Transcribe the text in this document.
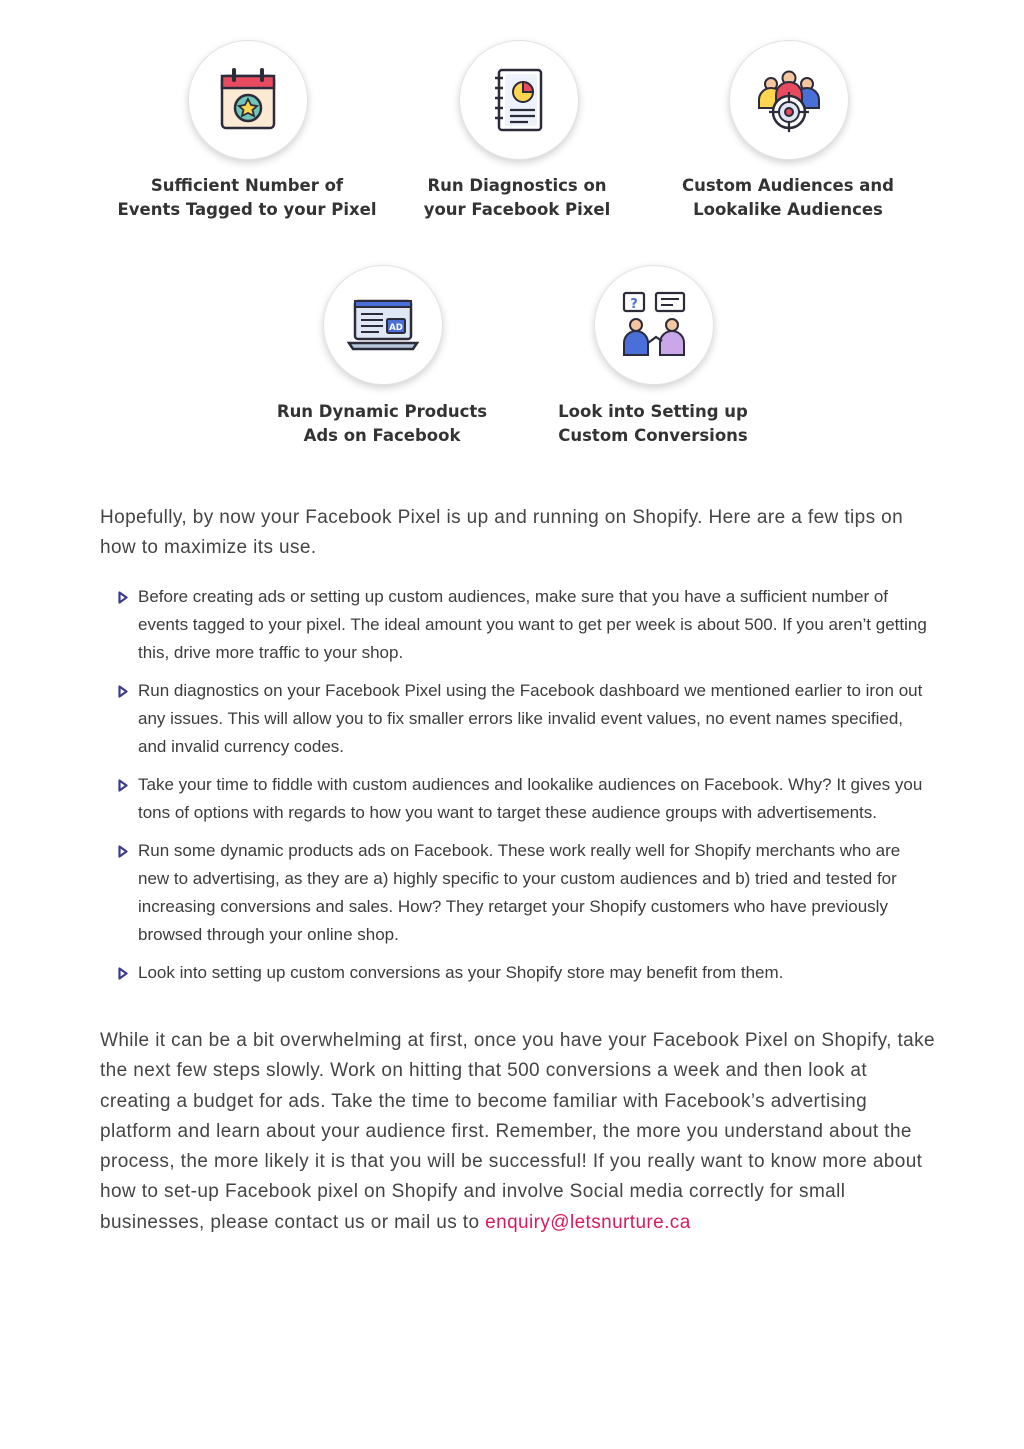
Sufficient Number of
Events Tagged to your Pixel
Run Diagnostics on
your Facebook Pixel
Custom Audiences and
Lookalike Audiences
AD
Run Dynamic Products
Ads on Facebook
?
Look into Setting up
Custom Conversions

Hopefully, by now your Facebook Pixel is up and running on Shopify. Here are a few tips on how to maximize its use.

Before creating ads or setting up custom audiences, make sure that you have a sufficient number of events tagged to your pixel. The ideal amount you want to get per week is about 500. If you aren’t getting this, drive more traffic to your shop.
Run diagnostics on your Facebook Pixel using the Facebook dashboard we mentioned earlier to iron out any issues. This will allow you to fix smaller errors like invalid event values, no event names specified, and invalid currency codes.
Take your time to fiddle with custom audiences and lookalike audiences on Facebook. Why? It gives you tons of options with regards to how you want to target these audience groups with advertisements.
Run some dynamic products ads on Facebook. These work really well for Shopify merchants who are new to advertising, as they are a) highly specific to your custom audiences and b) tried and tested for increasing conversions and sales. How? They retarget your Shopify customers who have previously browsed through your online shop.
Look into setting up custom conversions as your Shopify store may benefit from them.

While it can be a bit overwhelming at first, once you have your Facebook Pixel on Shopify, take the next few steps slowly. Work on hitting that 500 conversions a week and then look at creating a budget for ads. Take the time to become familiar with Facebook’s advertising platform and learn about your audience first. Remember, the more you understand about the process, the more likely it is that you will be successful! If you really want to know more about how to set-up Facebook pixel on Shopify and involve Social media correctly for small businesses, please contact us or mail us to enquiry@letsnurture.ca
